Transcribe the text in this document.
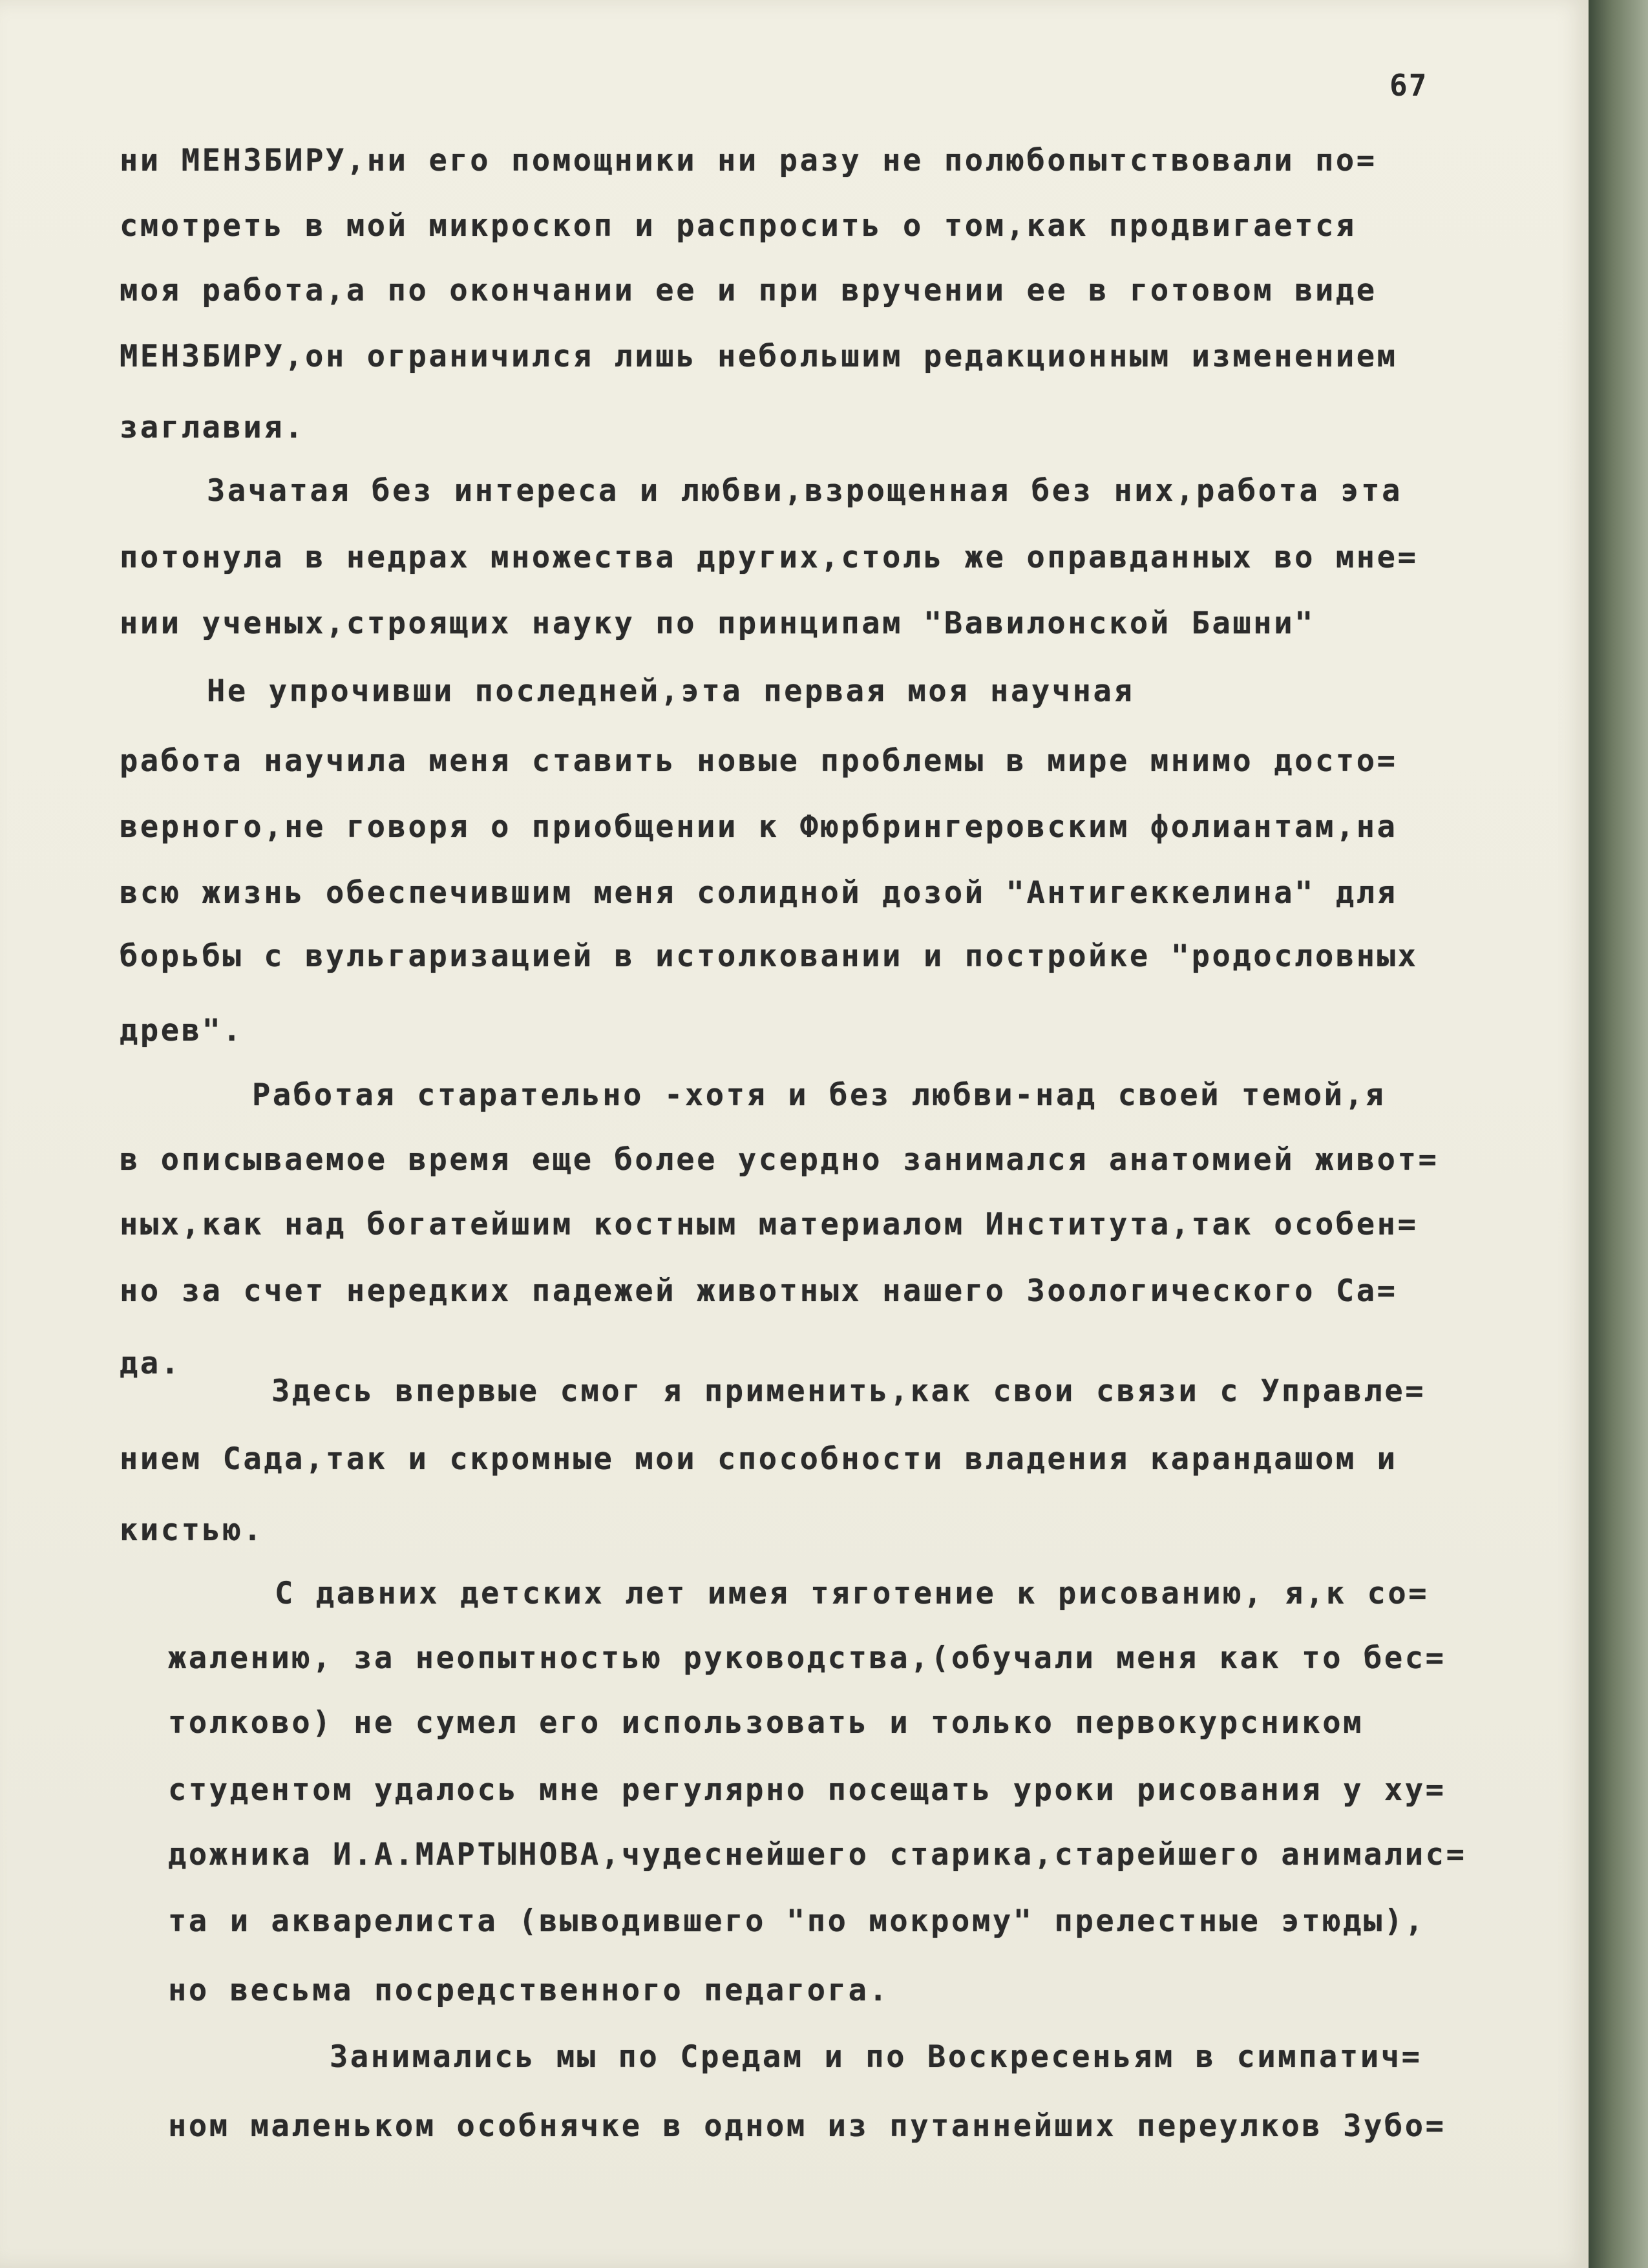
67
ни МЕНЗБИРУ,ни его помощники ни разу не полюбопытствовали по=
смотреть в мой микроскоп и распросить о том,как продвигается
моя работа,а по окончании ее и при вручении ее в готовом виде
МЕНЗБИРУ,он ограничился лишь небольшим редакционным изменением
заглавия.
Зачатая без интереса и любви,взрощенная без них,работа эта
потонула в недрах множества других,столь же оправданных во мне=
нии ученых,строящих науку по принципам "Вавилонской Башни"
Не упрочивши последней,эта первая моя научная
работа научила меня ставить новые проблемы в мире мнимо досто=
верного,не говоря о приобщении к Фюрбрингеровским фолиантам,на
всю жизнь обеспечившим меня солидной дозой "Антигеккелина" для
борьбы с вульгаризацией в истолковании и постройке "родословных
древ".
Работая старательно -хотя и без любви-над своей темой,я
в описываемое время еще более усердно занимался анатомией живот=
ных,как над богатейшим костным материалом Института,так особен=
но за счет нередких падежей животных нашего Зоологического Са=
да.
Здесь впервые смог я применить,как свои связи с Управле=
нием Сада,так и скромные мои способности владения карандашом и
кистью.
С давних детских лет имея тяготение к рисованию, я,к со=
жалению, за неопытностью руководства,(обучали меня как то бес=
толково) не сумел его использовать и только первокурсником
студентом удалось мне регулярно посещать уроки рисования у ху=
дожника И.А.МАРТЫНОВА,чудеснейшего старика,старейшего анималис=
та и акварелиста (выводившего "по мокрому" прелестные этюды),
но весьма посредственного педагога.
Занимались мы по Средам и по Воскресеньям в симпатич=
ном маленьком особнячке в одном из путаннейших переулков Зубо=
